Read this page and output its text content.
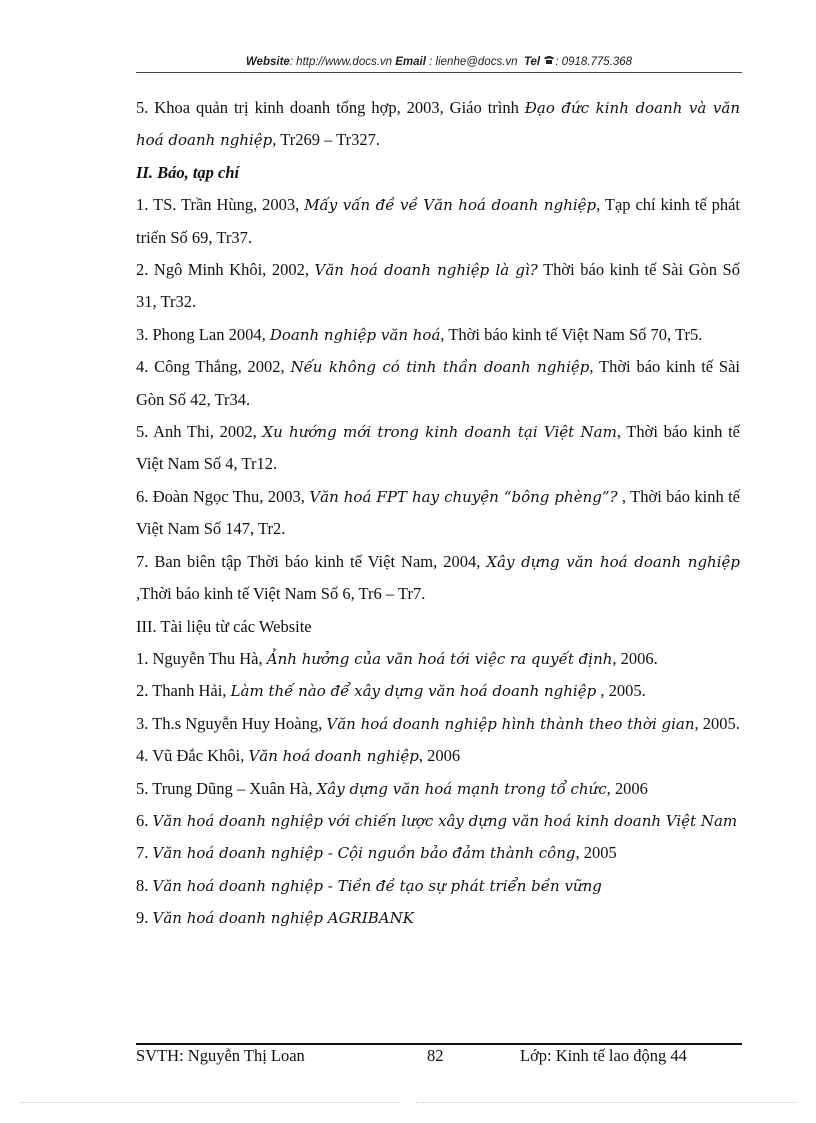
Website: http://www.docs.vn Email : lienhe@docs.vn Tel : 0918.775.368

5. Khoa quản trị kinh doanh tổng hợp, 2003, Giáo trình Đạo đức kinh doanh và văn hoá doanh nghiệp, Tr269 – Tr327.

II. Báo, tạp chí

1. TS. Trần Hùng, 2003, Mấy vấn đề về Văn hoá doanh nghiệp, Tạp chí kinh tế phát triển Số 69, Tr37.

2. Ngô Minh Khôi, 2002, Văn hoá doanh nghiệp là gì? Thời báo kinh tế Sài Gòn Số 31, Tr32.

3. Phong Lan 2004, Doanh nghiệp văn hoá, Thời báo kinh tế Việt Nam Số 70, Tr5.

4. Công Thắng, 2002, Nếu không có tinh thần doanh nghiệp, Thời báo kinh tế Sài Gòn Số 42, Tr34.

5. Anh Thi, 2002, Xu hướng mới trong kinh doanh tại Việt Nam, Thời báo kinh tế Việt Nam Số 4, Tr12.

6. Đoàn Ngọc Thu, 2003, Văn hoá FPT hay chuyện “bông phèng”? , Thời báo kinh tế Việt Nam Số 147, Tr2.

7. Ban biên tập Thời báo kinh tế Việt Nam, 2004, Xây dựng văn hoá doanh nghiệp ,Thời báo kinh tế Việt Nam Số 6, Tr6 – Tr7.

III. Tài liệu từ các Website

1. Nguyễn Thu Hà, Ảnh hưởng của văn hoá tới việc ra quyết định, 2006.

2. Thanh Hải, Làm thế nào để xây dựng văn hoá doanh nghiệp , 2005.

3. Th.s Nguyễn Huy Hoàng, Văn hoá doanh nghiệp hình thành theo thời gian, 2005.

4. Vũ Đắc Khôi, Văn hoá doanh nghiệp, 2006

5. Trung Dũng – Xuân Hà, Xây dựng văn hoá mạnh trong tổ chức, 2006

6. Văn hoá doanh nghiệp với chiến lược xây dựng văn hoá kinh doanh Việt Nam

7. Văn hoá doanh nghiệp - Cội nguồn bảo đảm thành công, 2005

8. Văn hoá doanh nghiệp - Tiền đề tạo sự phát triển bền vững

9. Văn hoá doanh nghiệp AGRIBANK

SVTH: Nguyễn Thị Loan	82	Lớp: Kinh tế lao động 44
